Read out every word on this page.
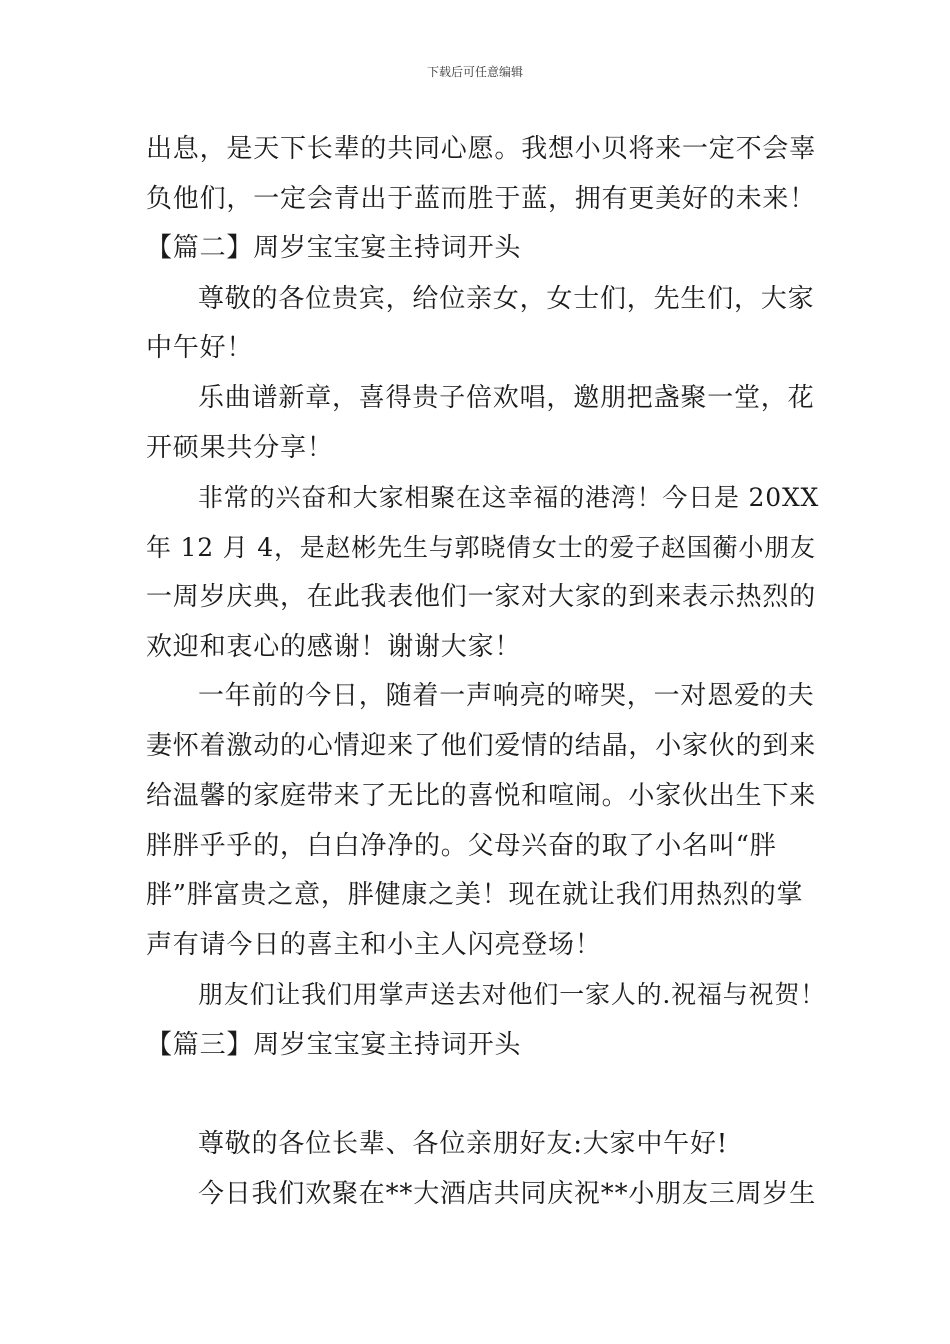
下载后可任意编辑
出息，是天下长辈的共同心愿。我想小贝将来一定不会辜
负他们，一定会青出于蓝而胜于蓝，拥有更美好的未来！
【篇二】周岁宝宝宴主持词开头
尊敬的各位贵宾，给位亲女，女士们，先生们，大家
中午好！
乐曲谱新章，喜得贵子倍欢唱，邀朋把盏聚一堂，花
开硕果共分享！
非常的兴奋和大家相聚在这幸福的港湾！今日是 20XX
年 12 月 4，是赵彬先生与郭晓倩女士的爱子赵国蘅小朋友
一周岁庆典，在此我表他们一家对大家的到来表示热烈的
欢迎和衷心的感谢！谢谢大家！
一年前的今日，随着一声响亮的啼哭，一对恩爱的夫
妻怀着激动的心情迎来了他们爱情的结晶，小家伙的到来
给温馨的家庭带来了无比的喜悦和喧闹。小家伙出生下来
胖胖乎乎的，白白净净的。父母兴奋的取了小名叫“胖
胖”胖富贵之意，胖健康之美！现在就让我们用热烈的掌
声有请今日的喜主和小主人闪亮登场！
朋友们让我们用掌声送去对他们一家人的.祝福与祝贺！
【篇三】周岁宝宝宴主持词开头
尊敬的各位长辈、各位亲朋好友:大家中午好!
今日我们欢聚在**大酒店共同庆祝**小朋友三周岁生
